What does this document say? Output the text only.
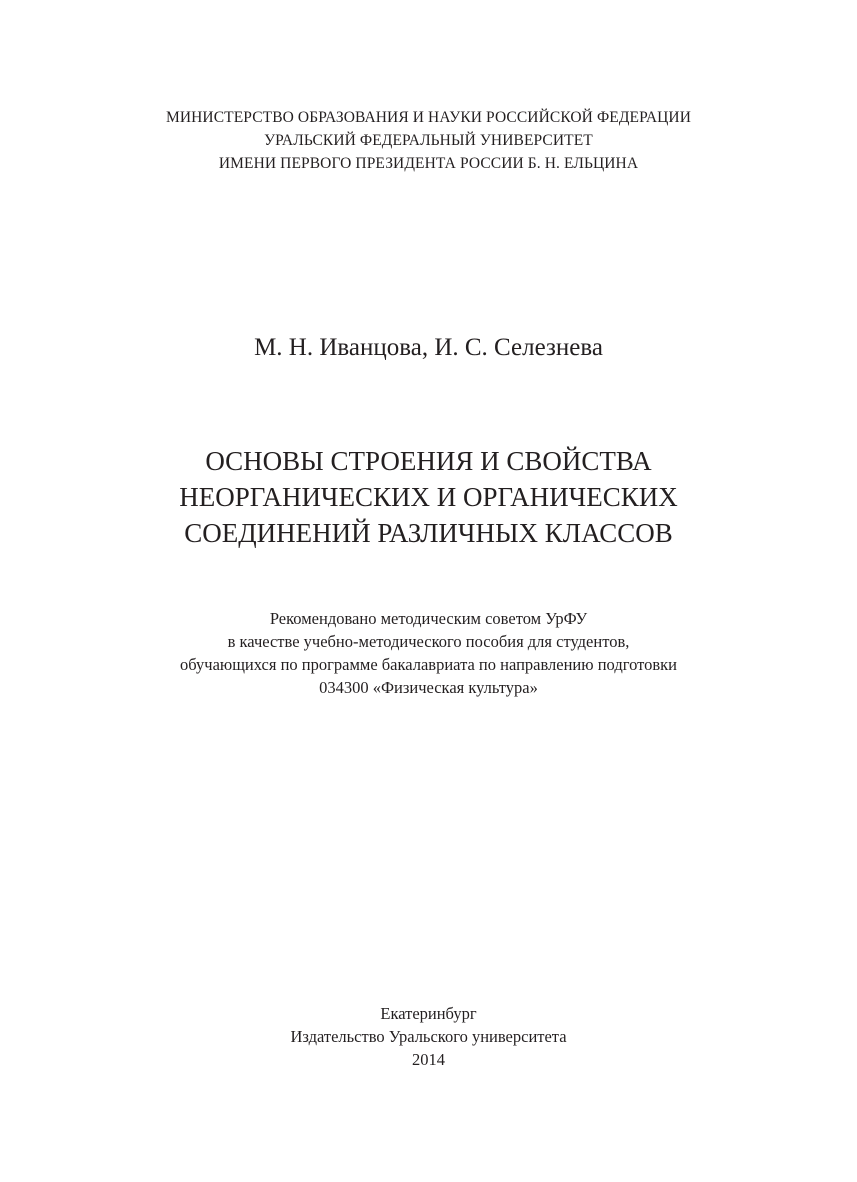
МИНИСТЕРСТВО ОБРАЗОВАНИЯ И НАУКИ РОССИЙСКОЙ ФЕДЕРАЦИИ
УРАЛЬСКИЙ ФЕДЕРАЛЬНЫЙ УНИВЕРСИТЕТ
ИМЕНИ ПЕРВОГО ПРЕЗИДЕНТА РОССИИ Б. Н. ЕЛЬЦИНА
М. Н. Иванцова, И. С. Селезнева
ОСНОВЫ СТРОЕНИЯ И СВОЙСТВА
НЕОРГАНИЧЕСКИХ И ОРГАНИЧЕСКИХ
СОЕДИНЕНИЙ РАЗЛИЧНЫХ КЛАССОВ
Рекомендовано методическим советом УрФУ
в качестве учебно-методического пособия для студентов,
обучающихся по программе бакалавриата по направлению подготовки
034300 «Физическая культура»
Екатеринбург
Издательство Уральского университета
2014
